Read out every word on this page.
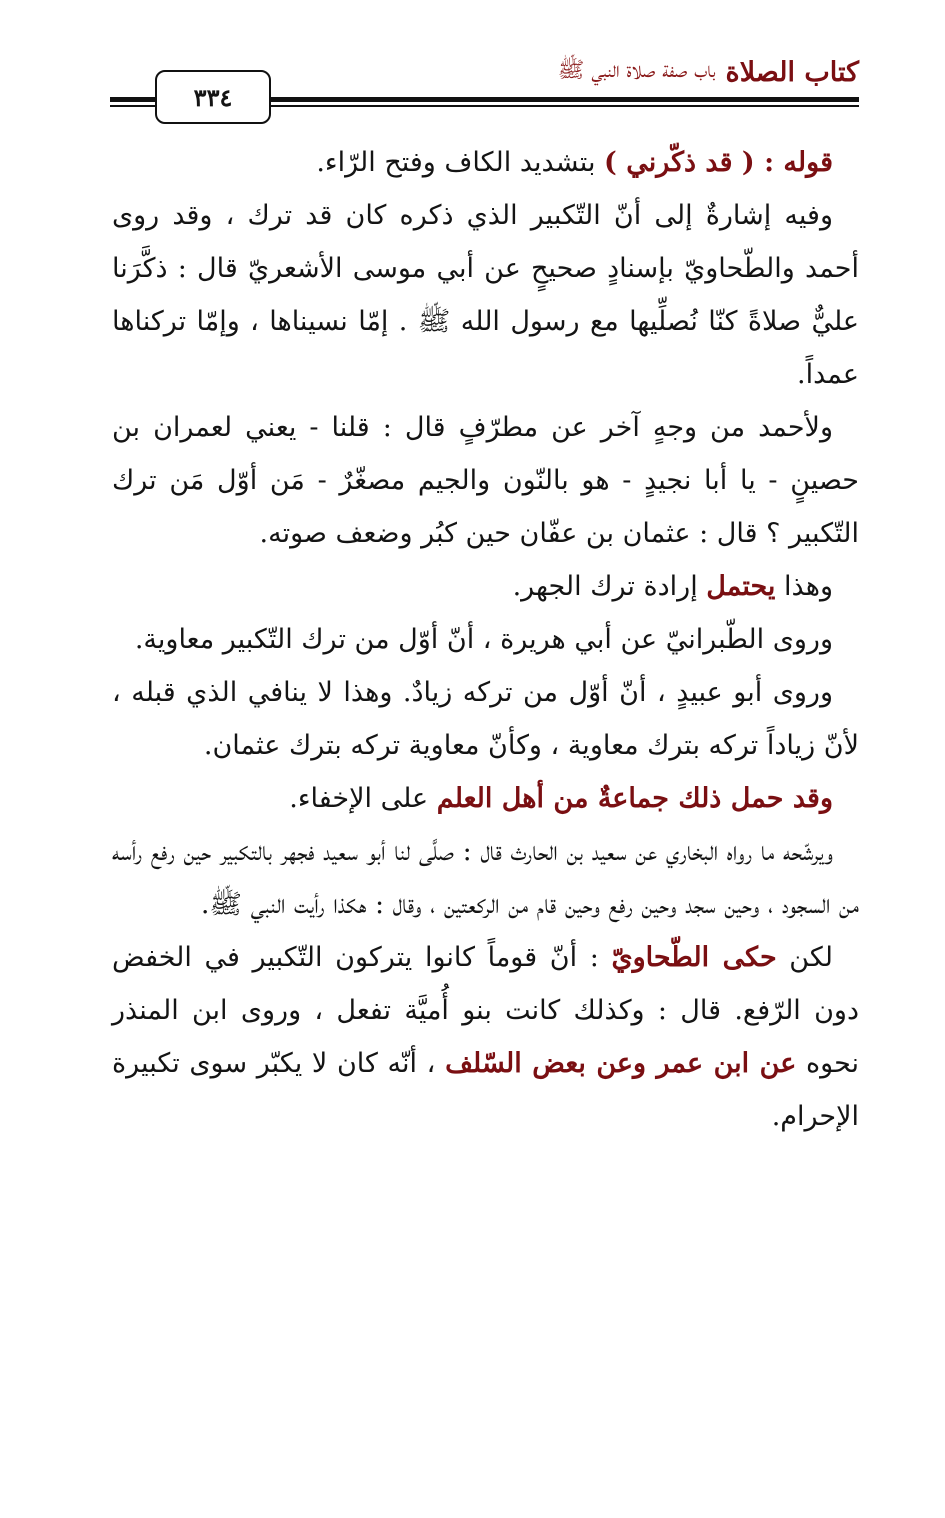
كتاب الصلاة
باب صفة صلاة النبي ﷺ
٣٣٤

قوله : ( قد ذكّرني ) بتشديد الكاف وفتح الرّاء.

وفيه إشارةٌ إلى أنّ التّكبير الذي ذكره كان قد ترك ، وقد روى أحمد والطّحاويّ بإسنادٍ صحيحٍ عن أبي موسى الأشعريّ قال : ذكَّرَنا عليٌّ صلاةً كنّا نُصلِّيها مع رسول الله ﷺ . إمّا نسيناها ، وإمّا تركناها عمداً.

ولأحمد من وجهٍ آخر عن مطرّفٍ قال : قلنا - يعني لعمران بن حصينٍ - يا أبا نجيدٍ - هو بالنّون والجيم مصغّرٌ - مَن أوّل مَن ترك التّكبير ؟ قال : عثمان بن عفّان حين كبُر وضعف صوته.

وهذا يحتمل إرادة ترك الجهر.

وروى الطّبرانيّ عن أبي هريرة ، أنّ أوّل من ترك التّكبير معاوية.

وروى أبو عبيدٍ ، أنّ أوّل من تركه زيادٌ. وهذا لا ينافي الذي قبله ، لأنّ زياداً تركه بترك معاوية ، وكأنّ معاوية تركه بترك عثمان.

وقد حمل ذلك جماعةٌ من أهل العلم على الإخفاء.

ويرشّحه ما رواه البخاري عن سعيد بن الحارث قال : صلَّى لنا أبو سعيد فجهر بالتكبير حين رفع رأسه من السجود ، وحين سجد وحين رفع وحين قام من الركعتين ، وقال : هكذا رأيت النبي ﷺ.

لكن حكى الطّحاويّ : أنّ قوماً كانوا يتركون التّكبير في الخفض دون الرّفع. قال : وكذلك كانت بنو أُميَّة تفعل ، وروى ابن المنذر نحوه عن ابن عمر وعن بعض السّلف ، أنّه كان لا يكبّر سوى تكبيرة الإحرام.
